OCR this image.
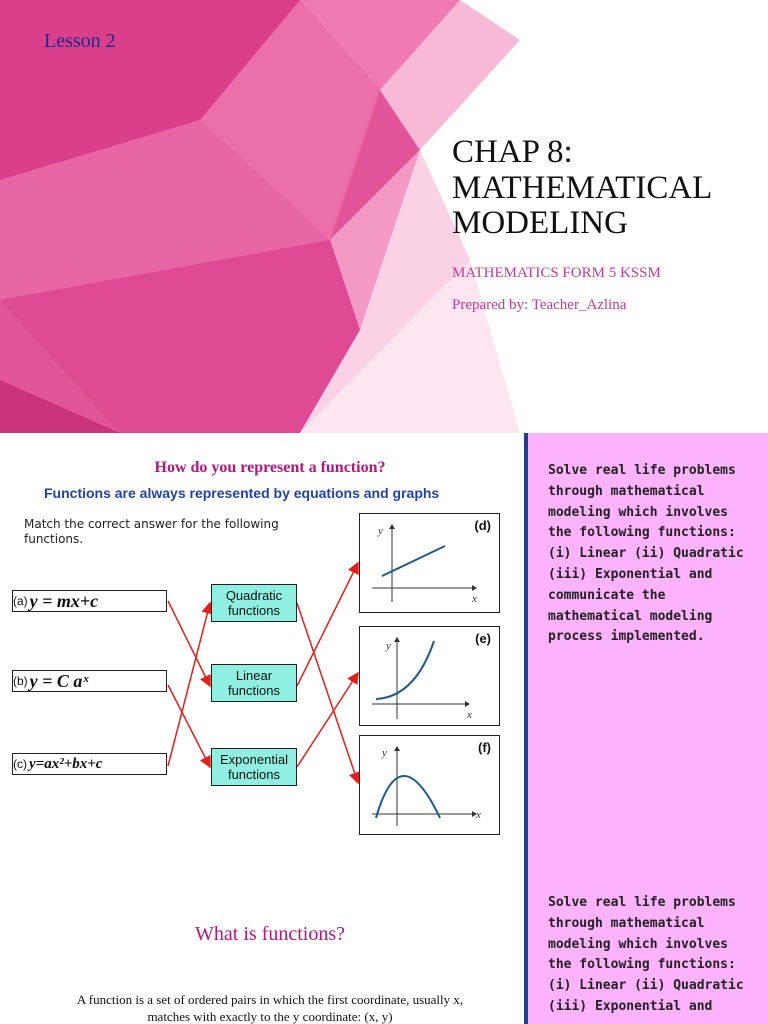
Lesson 2
CHAP 8:
MATHEMATICAL
MODELING
MATHEMATICS FORM 5 KSSM
Prepared by: Teacher_Azlina
How do you represent a function?
Functions are always represented by equations and graphs
Match the correct answer for the following functions.
(a) y = mx+c
(b) y = C aˣ
(c) y=ax²+bx+c
Quadratic functions
Linear functions
Exponential functions
(d)
y
x
(e)
y
x
(f)
y
x
Solve real life problems through mathematical modeling which involves the following functions: (i) Linear (ii) Quadratic (iii) Exponential and communicate the mathematical modeling process implemented.
What is functions?
A function is a set of ordered pairs in which the first coordinate, usually x, matches with exactly to the y coordinate: (x, y)
Solve real life problems through mathematical modeling which involves the following functions: (i) Linear (ii) Quadratic (iii) Exponential and
